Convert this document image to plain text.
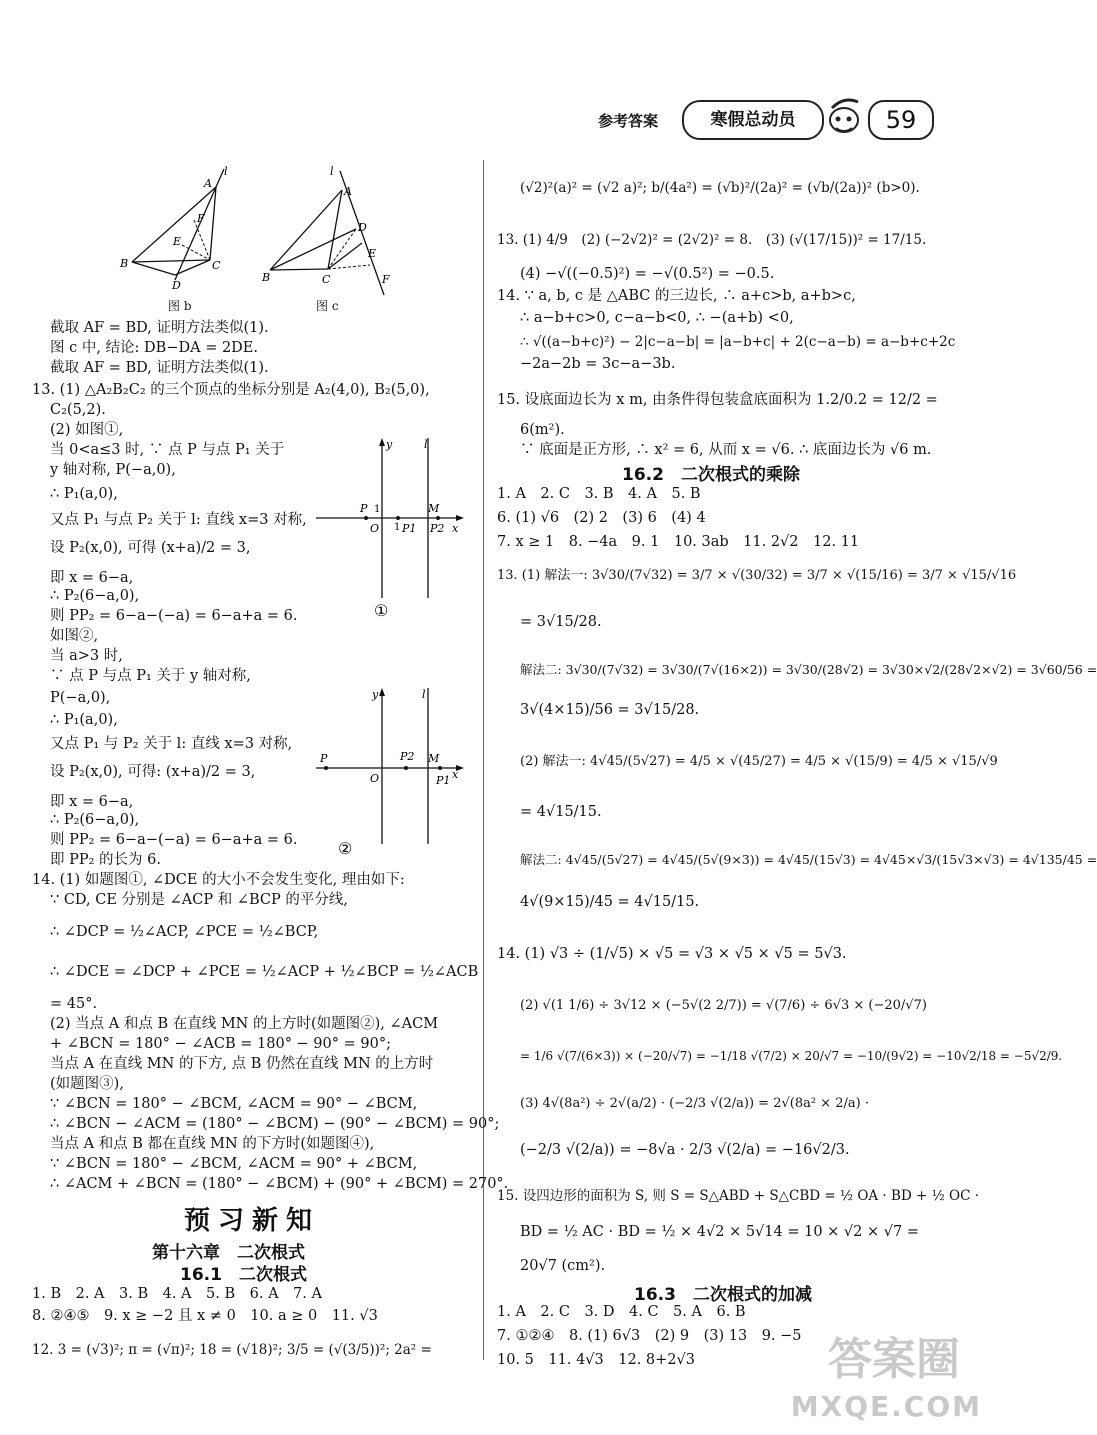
参考答案	寒假总动员	59
A
l
F
E
B
D
C
图 b
l
A
D
E
B	C	F
图 c
y	l
P 1	M
O 1 P1 P2 x
①
y	l
P	P2 M
O	P1 x
②
截取 AF = BD, 证明方法类似(1).
图 c 中, 结论: DB−DA = 2DE.
截取 AF = BD, 证明方法类似(1).
13. (1) △A₂B₂C₂ 的三个顶点的坐标分别是 A₂(4,0), B₂(5,0),
C₂(5,2).
(2) 如图①,
当 0<a≤3 时, ∵ 点 P 与点 P₁ 关于
y 轴对称, P(−a,0),
∴ P₁(a,0),
又点 P₁ 与点 P₂ 关于 l: 直线 x=3 对称,
设 P₂(x,0), 可得 (x+a)/2 = 3,
即 x = 6−a,
∴ P₂(6−a,0),
则 PP₂ = 6−a−(−a) = 6−a+a = 6.
如图②,
当 a>3 时,
∵ 点 P 与点 P₁ 关于 y 轴对称,
P(−a,0),
∴ P₁(a,0),
又点 P₁ 与 P₂ 关于 l: 直线 x=3 对称,
设 P₂(x,0), 可得: (x+a)/2 = 3,
即 x = 6−a,
∴ P₂(6−a,0),
则 PP₂ = 6−a−(−a) = 6−a+a = 6.
即 PP₂ 的长为 6.
14. (1) 如题图①, ∠DCE 的大小不会发生变化, 理由如下:
∵ CD, CE 分别是 ∠ACP 和 ∠BCP 的平分线,
∴ ∠DCP = ½∠ACP, ∠PCE = ½∠BCP,
∴ ∠DCE = ∠DCP + ∠PCE = ½∠ACP + ½∠BCP = ½∠ACB
= 45°.
(2) 当点 A 和点 B 在直线 MN 的上方时(如题图②), ∠ACM
+ ∠BCN = 180° − ∠ACB = 180° − 90° = 90°;
当点 A 在直线 MN 的下方, 点 B 仍然在直线 MN 的上方时
(如题图③),
∵ ∠BCN = 180° − ∠BCM, ∠ACM = 90° − ∠BCM,
∴ ∠BCN − ∠ACM = (180° − ∠BCM) − (90° − ∠BCM) = 90°;
当点 A 和点 B 都在直线 MN 的下方时(如题图④),
∵ ∠BCN = 180° − ∠BCM, ∠ACM = 90° + ∠BCM,
∴ ∠ACM + ∠BCN = (180° − ∠BCM) + (90° + ∠BCM) = 270°.
预习新知
第十六章　二次根式
16.1　二次根式
1. B　2. A　3. B　4. A　5. B　6. A　7. A
8. ②④⑤　9. x ≥ −2 且 x ≠ 0　10. a ≥ 0　11. √3
12. 3 = (√3)²; π = (√π)²; 18 = (√18)²; 3/5 = (√(3/5))²; 2a² =
(√2)²(a)² = (√2 a)²; b/(4a²) = (√b)²/(2a)² = (√b/(2a))² (b>0).
13. (1) 4/9　(2) (−2√2)² = (2√2)² = 8.　(3) (√(17/15))² = 17/15.
(4) −√((−0.5)²) = −√(0.5²) = −0.5.
14. ∵ a, b, c 是 △ABC 的三边长, ∴ a+c>b, a+b>c,
∴ a−b+c>0, c−a−b<0, ∴ −(a+b) <0,
∴ √((a−b+c)²) − 2|c−a−b| = |a−b+c| + 2(c−a−b) = a−b+c+2c
−2a−2b = 3c−a−3b.
15. 设底面边长为 x m, 由条件得包装盒底面积为 1.2/0.2 = 12/2 =
6(m²).
∵ 底面是正方形, ∴ x² = 6, 从而 x = √6. ∴ 底面边长为 √6 m.
16.2　二次根式的乘除
1. A　2. C　3. B　4. A　5. B
6. (1) √6　(2) 2　(3) 6　(4) 4
7. x ≥ 1　8. −4a　9. 1　10. 3ab　11. 2√2　12. 11
13. (1) 解法一: 3√30/(7√32) = 3/7 × √(30/32) = 3/7 × √(15/16) = 3/7 × √15/√16
= 3√15/28.
解法二: 3√30/(7√32) = 3√30/(7√(16×2)) = 3√30/(28√2) = 3√30×√2/(28√2×√2) = 3√60/56 =
3√(4×15)/56 = 3√15/28.
(2) 解法一: 4√45/(5√27) = 4/5 × √(45/27) = 4/5 × √(15/9) = 4/5 × √15/√9
= 4√15/15.
解法二: 4√45/(5√27) = 4√45/(5√(9×3)) = 4√45/(15√3) = 4√45×√3/(15√3×√3) = 4√135/45 =
4√(9×15)/45 = 4√15/15.
14. (1) √3 ÷ (1/√5) × √5 = √3 × √5 × √5 = 5√3.
(2) √(1 1/6) ÷ 3√12 × (−5√(2 2/7)) = √(7/6) ÷ 6√3 × (−20/√7)
= 1/6 √(7/(6×3)) × (−20/√7) = −1/18 √(7/2) × 20/√7 = −10/(9√2) = −10√2/18 = −5√2/9.
(3) 4√(8a²) ÷ 2√(a/2) · (−2/3 √(2/a)) = 2√(8a² × 2/a) ·
(−2/3 √(2/a)) = −8√a · 2/3 √(2/a) = −16√2/3.
15. 设四边形的面积为 S, 则 S = S△ABD + S△CBD = ½ OA · BD + ½ OC ·
BD = ½ AC · BD = ½ × 4√2 × 5√14 = 10 × √2 × √7 =
20√7 (cm²).
16.3　二次根式的加减
1. A　2. C　3. D　4. C　5. A　6. B
7. ①②④　8. (1) 6√3　(2) 9　(3) 13　9. −5
10. 5　11. 4√3　12. 8+2√3	答案圈
MXQE.COM
